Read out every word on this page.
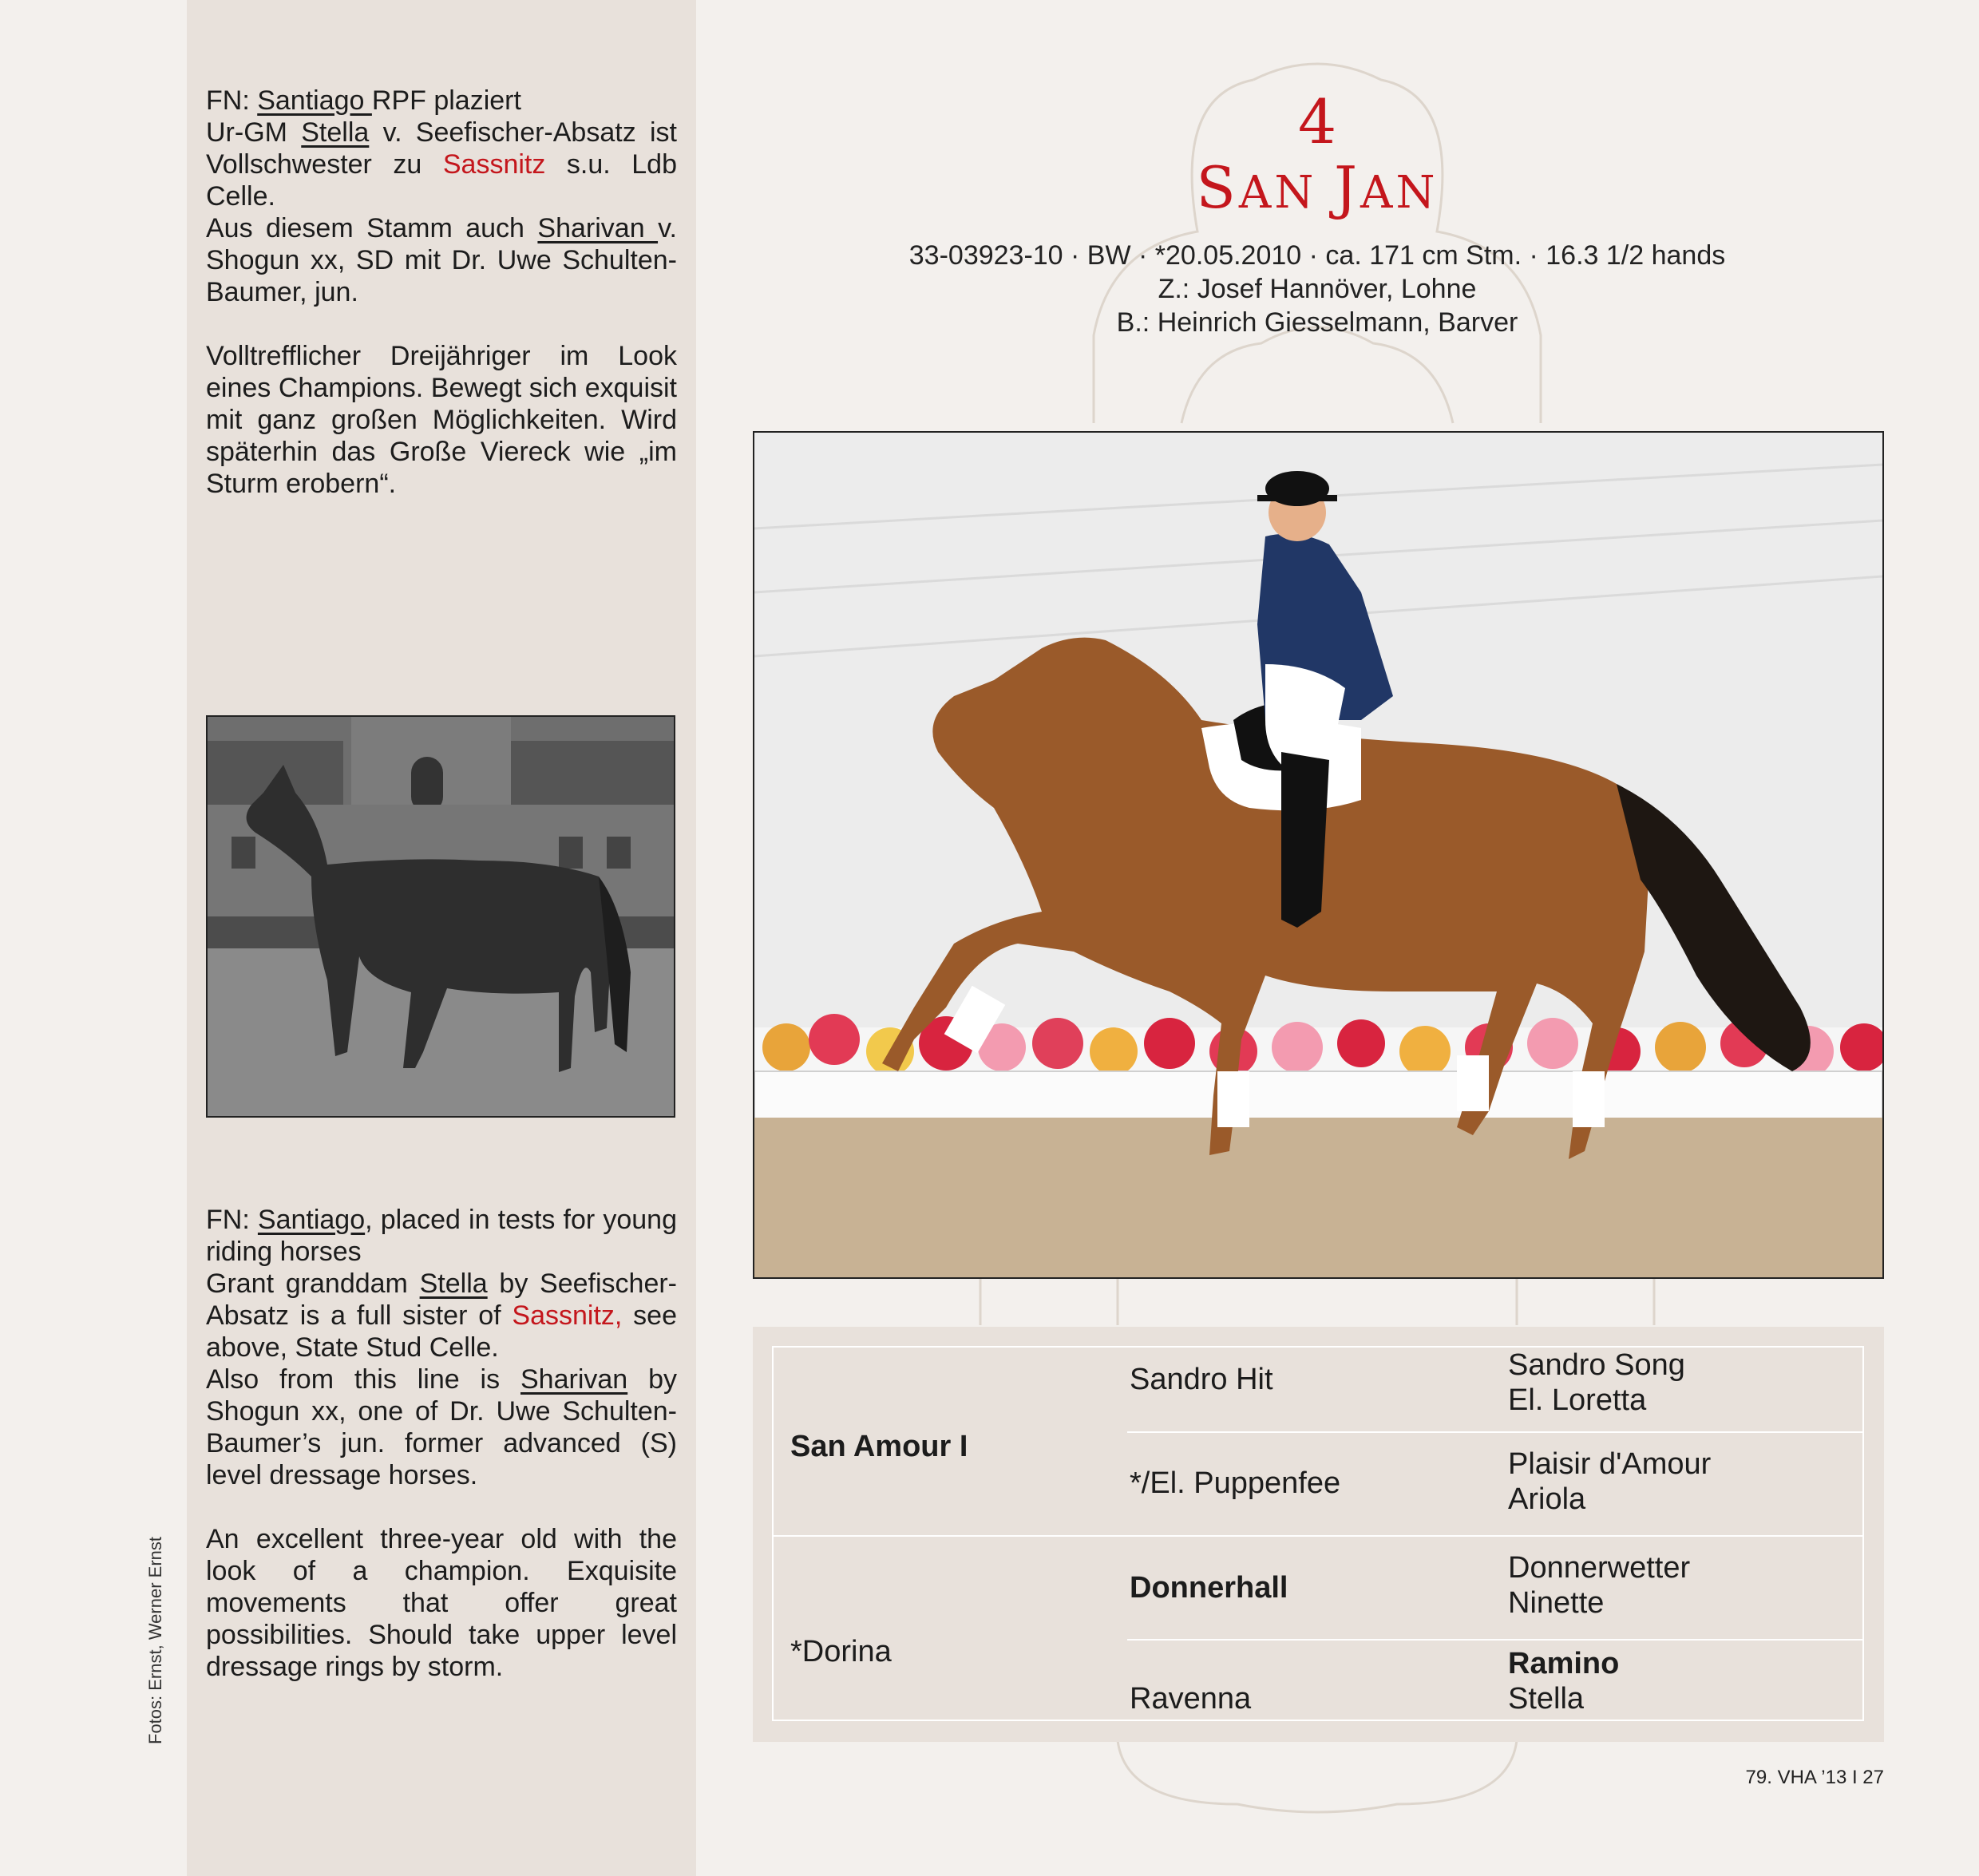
FN: Santiago RPF plaziert
Ur-GM Stella v. Seefischer-Absatz ist Vollschwester zu Sassnitz s.u. Ldb Celle.
Aus diesem Stamm auch Sharivan v. Shogun xx, SD mit Dr. Uwe Schulten-Baumer, jun.

Volltrefflicher Dreijähriger im Look eines Champions. Bewegt sich exquisit mit ganz großen Möglichkeiten. Wird späterhin das Große Viereck wie „im Sturm erobern“.

FN: Santiago, placed in tests for young riding horses
Grant granddam Stella by Seefischer-Absatz is a full sister of Sassnitz, see above, State Stud Celle.
Also from this line is Sharivan by Shogun xx, one of Dr. Uwe Schulten-Baumer’s jun. former advanced (S) level dressage horses.

An excellent three-year old with the look of a champion. Exquisite movements that offer great possibilities. Should take upper level dressage rings by storm.

Fotos: Ernst, Werner Ernst
4
SAN JAN
33-03923-10 · BW · *20.05.2010 · ca. 171 cm Stm. · 16.3 1/2 hands
Z.: Josef Hannöver, Lohne
B.: Heinrich Giesselmann, Barver
San Amour I
*Dorina
Sandro Hit
*/El. Puppenfee
Donnerhall
Ravenna
Sandro Song
El. Loretta
Plaisir d'Amour
Ariola
Donnerwetter
Ninette
Ramino
Stella
79. VHA ’13 I 27
